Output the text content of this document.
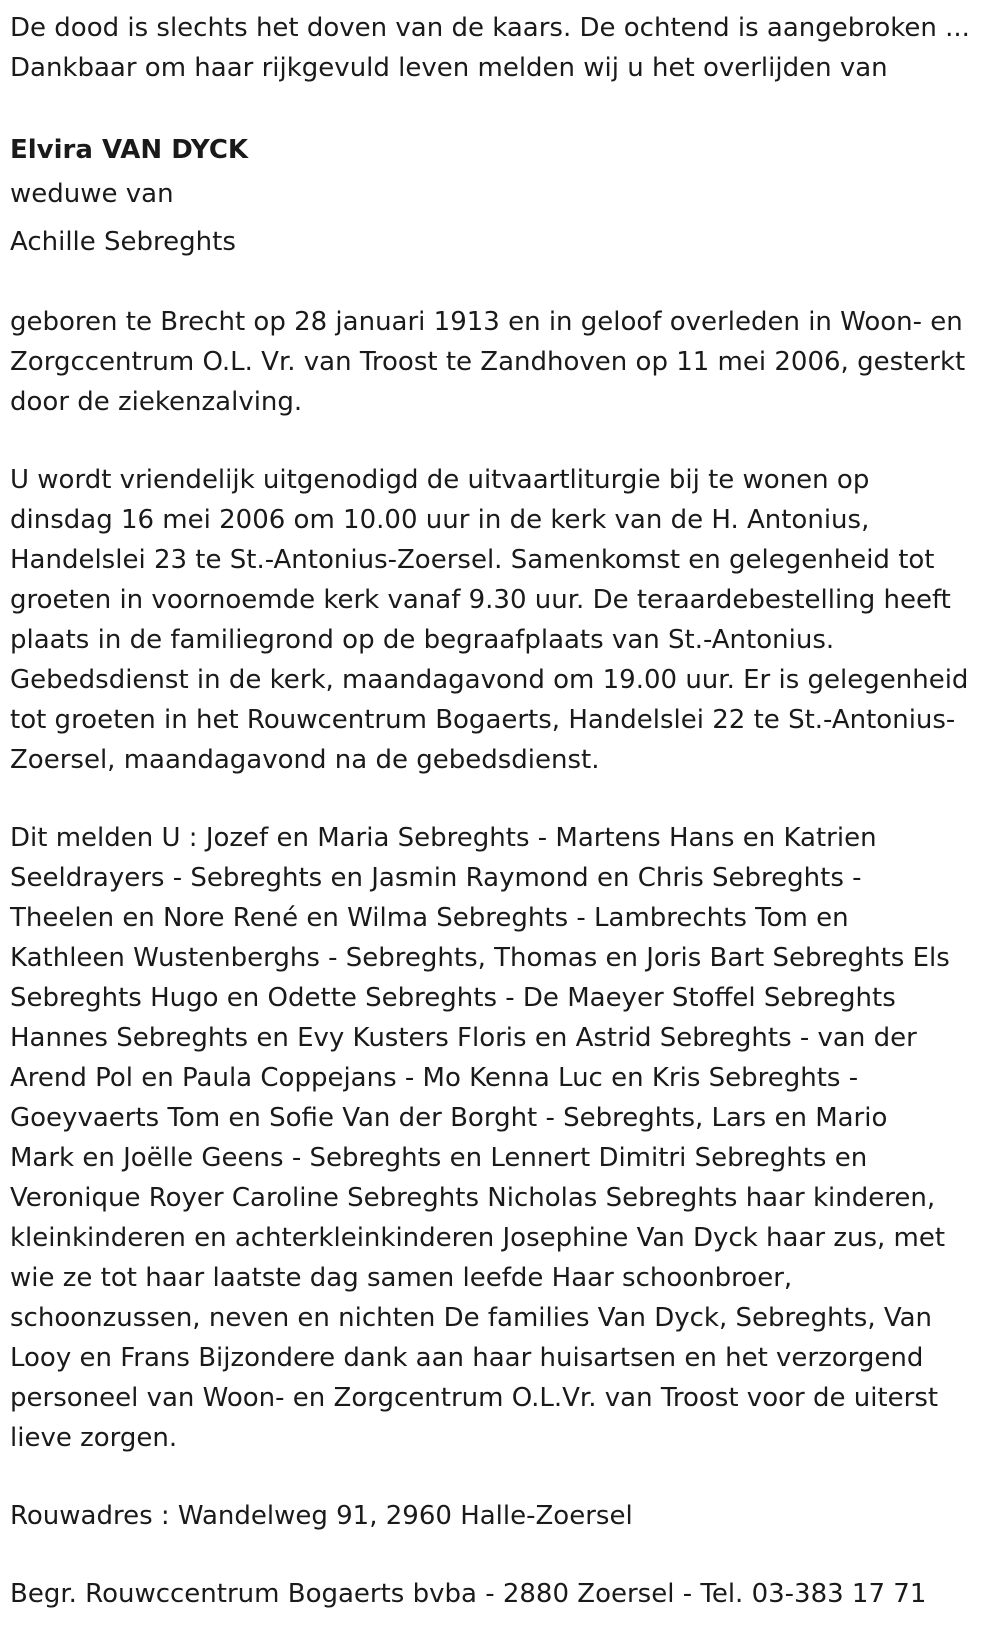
De dood is slechts het doven van de kaars. De ochtend is aangebroken ...

Dankbaar om haar rijkgevuld leven melden wij u het overlijden van

Elvira VAN DYCK

weduwe van

Achille Sebreghts

geboren te Brecht op 28 januari 1913 en in geloof overleden in Woon- en
Zorgccentrum O.L. Vr. van Troost te Zandhoven op 11 mei 2006, gesterkt
door de ziekenzalving.

U wordt vriendelijk uitgenodigd de uitvaartliturgie bij te wonen op
dinsdag 16 mei 2006 om 10.00 uur in de kerk van de H. Antonius,
Handelslei 23 te St.-Antonius-Zoersel. Samenkomst en gelegenheid tot
groeten in voornoemde kerk vanaf 9.30 uur. De teraardebestelling heeft
plaats in de familiegrond op de begraafplaats van St.-Antonius.
Gebedsdienst in de kerk, maandagavond om 19.00 uur. Er is gelegenheid
tot groeten in het Rouwcentrum Bogaerts, Handelslei 22 te St.-Antonius-
Zoersel, maandagavond na de gebedsdienst.

Dit melden U : Jozef en Maria Sebreghts - Martens Hans en Katrien
Seeldrayers - Sebreghts en Jasmin Raymond en Chris Sebreghts -
Theelen en Nore René en Wilma Sebreghts - Lambrechts Tom en
Kathleen Wustenberghs - Sebreghts, Thomas en Joris Bart Sebreghts Els
Sebreghts Hugo en Odette Sebreghts - De Maeyer Stoffel Sebreghts
Hannes Sebreghts en Evy Kusters Floris en Astrid Sebreghts - van der
Arend Pol en Paula Coppejans - Mo Kenna Luc en Kris Sebreghts -
Goeyvaerts Tom en Sofie Van der Borght - Sebreghts, Lars en Mario
Mark en Joëlle Geens - Sebreghts en Lennert Dimitri Sebreghts en
Veronique Royer Caroline Sebreghts Nicholas Sebreghts haar kinderen,
kleinkinderen en achterkleinkinderen Josephine Van Dyck haar zus, met
wie ze tot haar laatste dag samen leefde Haar schoonbroer,
schoonzussen, neven en nichten De families Van Dyck, Sebreghts, Van
Looy en Frans Bijzondere dank aan haar huisartsen en het verzorgend
personeel van Woon- en Zorgcentrum O.L.Vr. van Troost voor de uiterst
lieve zorgen.

Rouwadres : Wandelweg 91, 2960 Halle-Zoersel

Begr. Rouwccentrum Bogaerts bvba - 2880 Zoersel - Tel. 03-383 17 71
